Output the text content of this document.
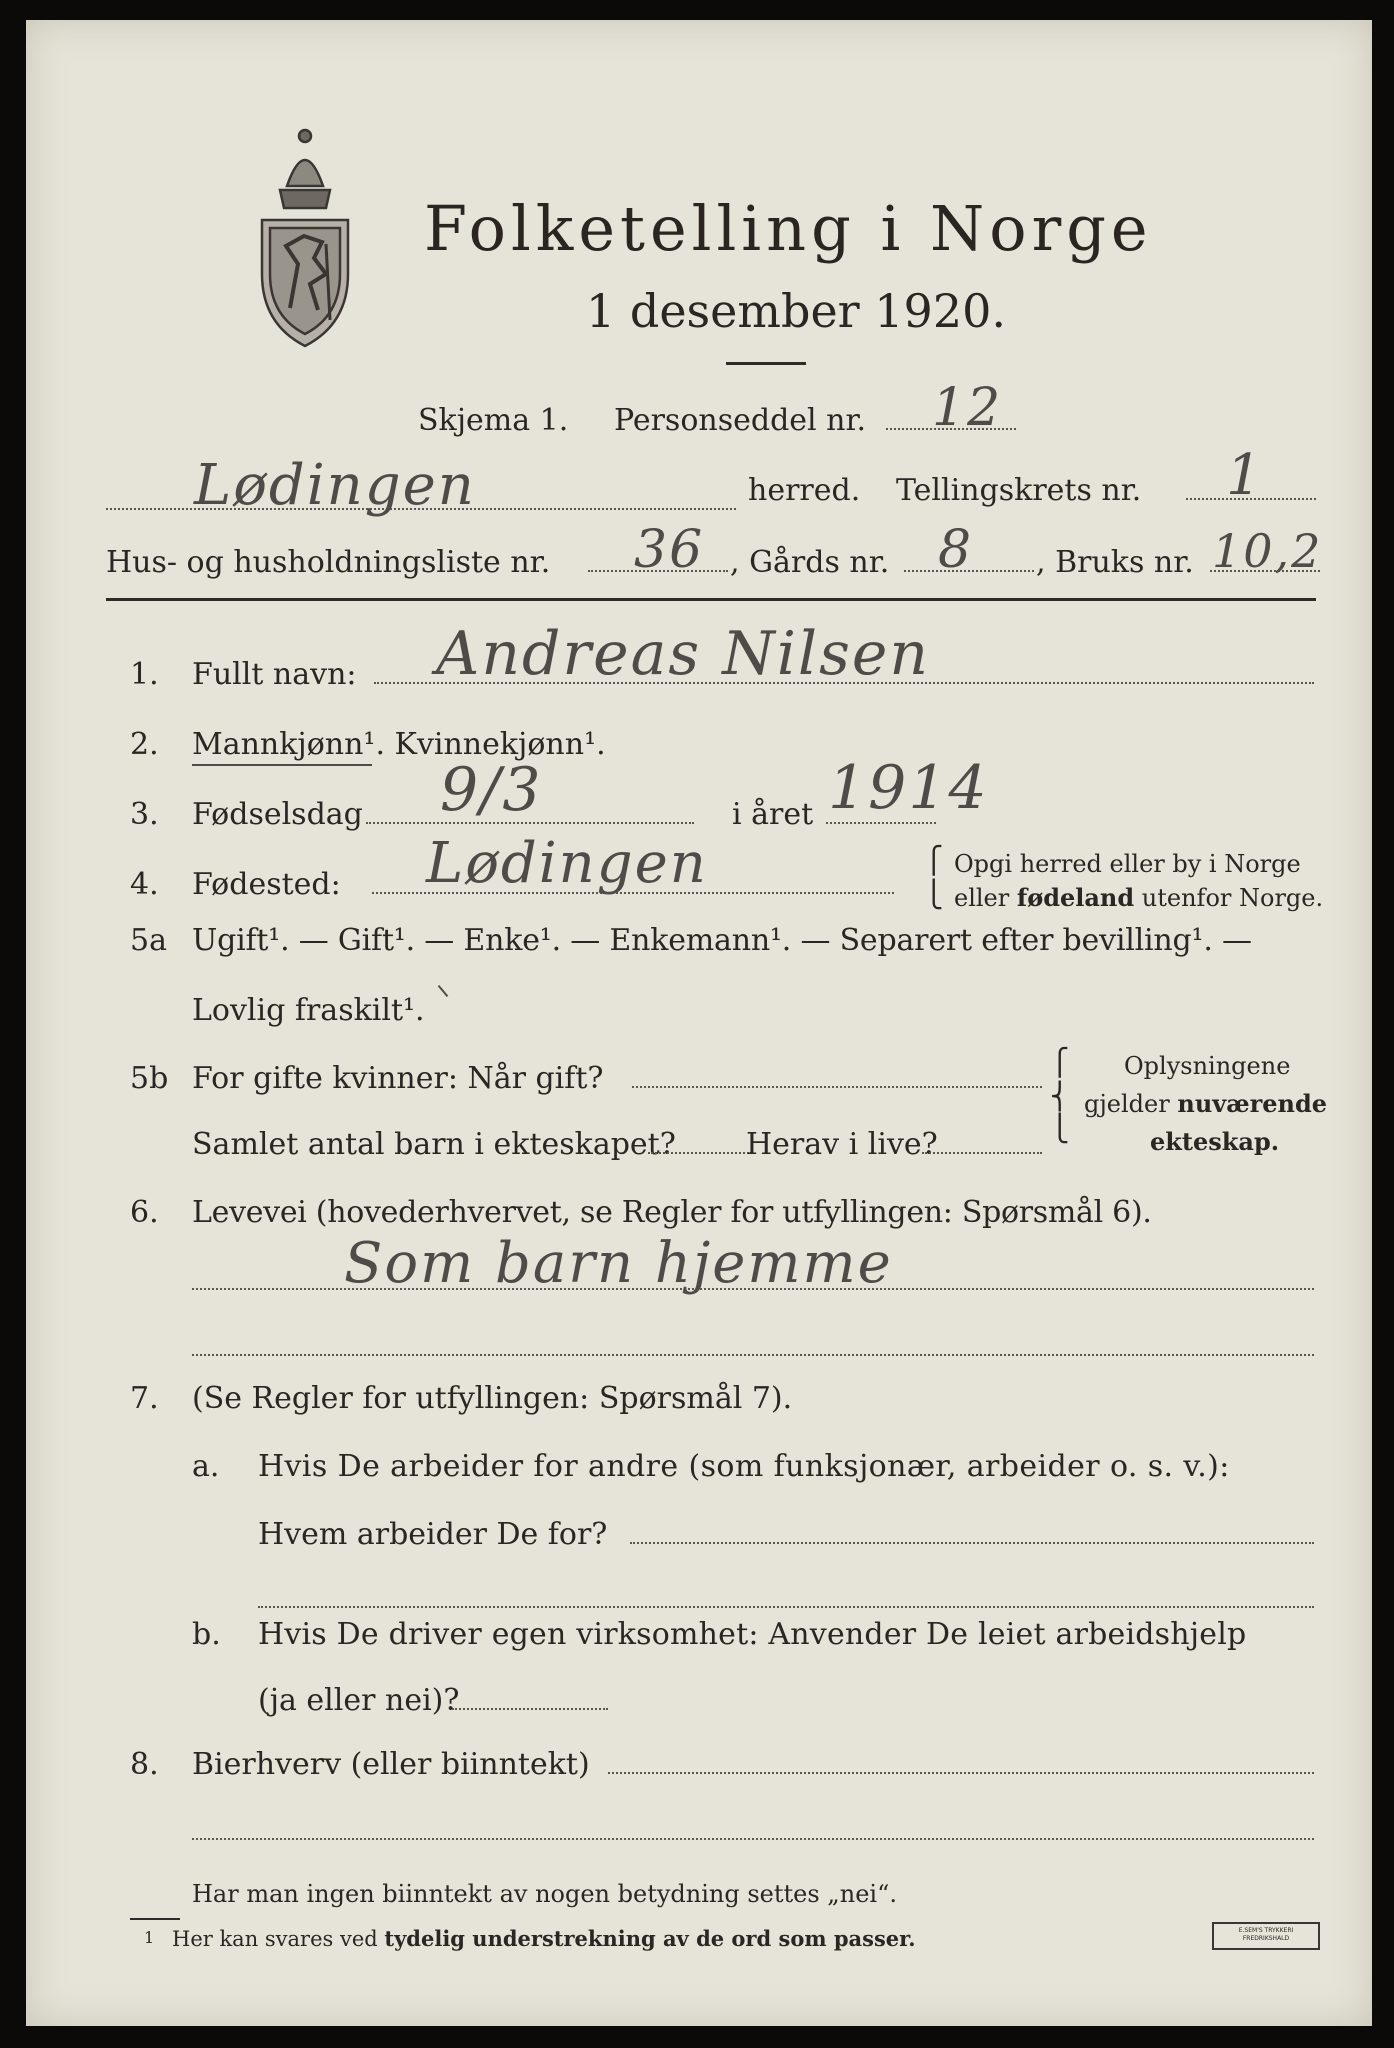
Folketelling i Norge
1 desember 1920.
Skjema 1. Personseddel nr. 12
Lødingen	herred. Tellingskrets nr. 1
Hus- og husholdningsliste nr. 36 , Gårds nr. 8 , Bruks nr. 10,2
1. Fullt navn: Andreas Nilsen
2. Mannkjønn¹. Kvinnekjønn¹.
3. Fødselsdag 9/3	i året 1914
4. Fødested: Lødingen	⎧
⎩
Opgi herred eller by i Norge
eller fødeland utenfor Norge.
5a Ugift¹. — Gift¹. — Enke¹. — Enkemann¹. — Separert efter bevilling¹. —
Lovlig fraskilt¹.
5b For gifte kvinner: Når gift?
Samlet antal barn i ekteskapet? Herav i live?
⎧
⎨
⎩
Oplysningene
gjelder nuværende
ekteskap.
6. Levevei (hovederhvervet, se Regler for utfyllingen: Spørsmål 6).
Som barn hjemme
7. (Se Regler for utfyllingen: Spørsmål 7).
a. Hvis De arbeider for andre (som funksjonær, arbeider o. s. v.):
Hvem arbeider De for?
b. Hvis De driver egen virksomhet: Anvender De leiet arbeidshjelp
(ja eller nei)?
8. Bierhverv (eller biinntekt)
Har man ingen biinntekt av nogen betydning settes „nei“.
1 Her kan svares ved tydelig understrekning av de ord som passer.	E.SEM'S TRYKKERI
FREDRIKSHALD
